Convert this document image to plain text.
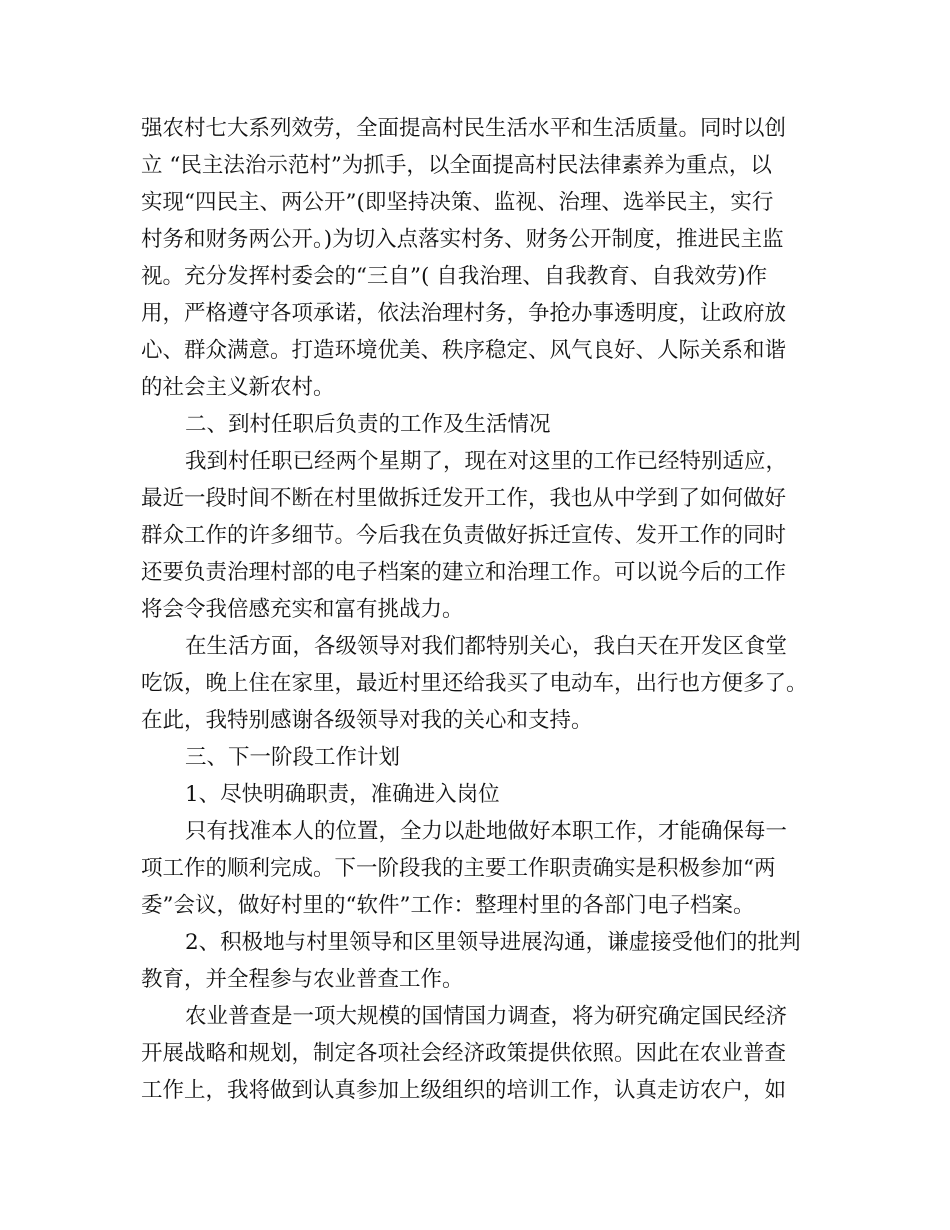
强农村七大系列效劳，全面提高村民生活水平和生活质量。同时以创
立 “民主法治示范村”为抓手，以全面提高村民法律素养为重点，以
实现“四民主、两公开”(即坚持决策、监视、治理、选举民主，实行
村务和财务两公开。)为切入点落实村务、财务公开制度，推进民主监
视。充分发挥村委会的“三自”( 自我治理、自我教育、自我效劳)作
用，严格遵守各项承诺，依法治理村务，争抢办事透明度，让政府放
心、群众满意。打造环境优美、秩序稳定、风气良好、人际关系和谐
的社会主义新农村。
二、到村任职后负责的工作及生活情况
我到村任职已经两个星期了，现在对这里的工作已经特别适应，
最近一段时间不断在村里做拆迁发开工作，我也从中学到了如何做好
群众工作的许多细节。今后我在负责做好拆迁宣传、发开工作的同时
还要负责治理村部的电子档案的建立和治理工作。可以说今后的工作
将会令我倍感充实和富有挑战力。
在生活方面，各级领导对我们都特别关心，我白天在开发区食堂
吃饭，晚上住在家里，最近村里还给我买了电动车，出行也方便多了。
在此，我特别感谢各级领导对我的关心和支持。
三、下一阶段工作计划
1、尽快明确职责，准确进入岗位
只有找准本人的位置，全力以赴地做好本职工作，才能确保每一
项工作的顺利完成。下一阶段我的主要工作职责确实是积极参加“两
委”会议，做好村里的“软件”工作：整理村里的各部门电子档案。
2、积极地与村里领导和区里领导进展沟通，谦虚接受他们的批判
教育，并全程参与农业普查工作。
农业普查是一项大规模的国情国力调查，将为研究确定国民经济
开展战略和规划，制定各项社会经济政策提供依照。因此在农业普查
工作上，我将做到认真参加上级组织的培训工作，认真走访农户，如
